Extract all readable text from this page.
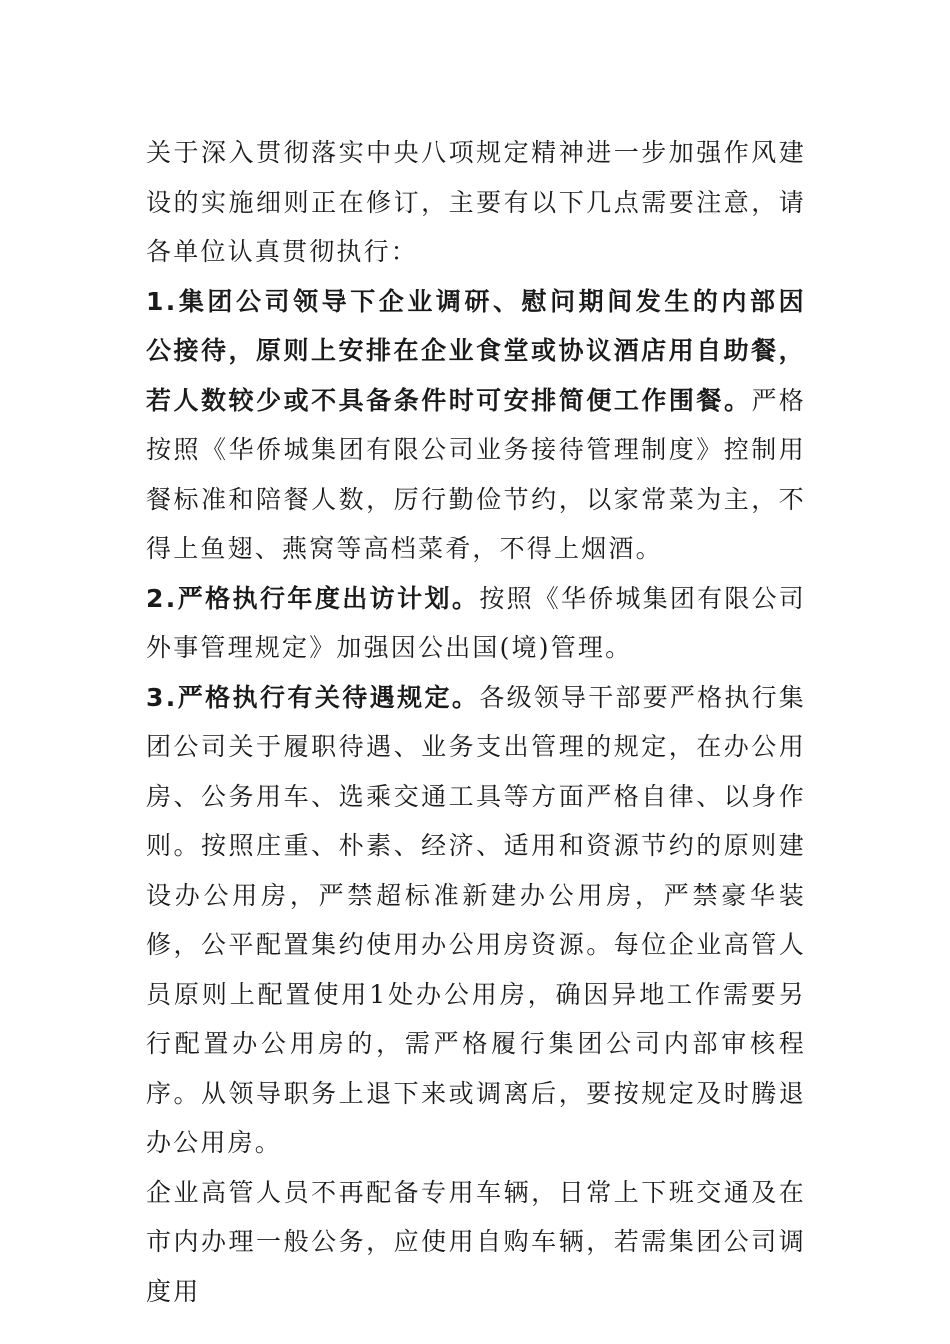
关于深入贯彻落实中央八项规定精神进一步加强作风建设的实施细则正在修订，主要有以下几点需要注意，请各单位认真贯彻执行：

1.集团公司领导下企业调研、慰问期间发生的内部因公接待，原则上安排在企业食堂或协议酒店用自助餐，若人数较少或不具备条件时可安排简便工作围餐。严格按照《华侨城集团有限公司业务接待管理制度》控制用餐标准和陪餐人数，厉行勤俭节约，以家常菜为主，不得上鱼翅、燕窝等高档菜肴，不得上烟酒。

2.严格执行年度出访计划。按照《华侨城集团有限公司外事管理规定》加强因公出国(境)管理。

3.严格执行有关待遇规定。各级领导干部要严格执行集团公司关于履职待遇、业务支出管理的规定，在办公用房、公务用车、选乘交通工具等方面严格自律、以身作则。按照庄重、朴素、经济、适用和资源节约的原则建设办公用房，严禁超标准新建办公用房，严禁豪华装修，公平配置集约使用办公用房资源。每位企业高管人员原则上配置使用1处办公用房，确因异地工作需要另行配置办公用房的，需严格履行集团公司内部审核程序。从领导职务上退下来或调离后，要按规定及时腾退办公用房。

企业高管人员不再配备专用车辆，日常上下班交通及在市内办理一般公务，应使用自购车辆，若需集团公司调度用
